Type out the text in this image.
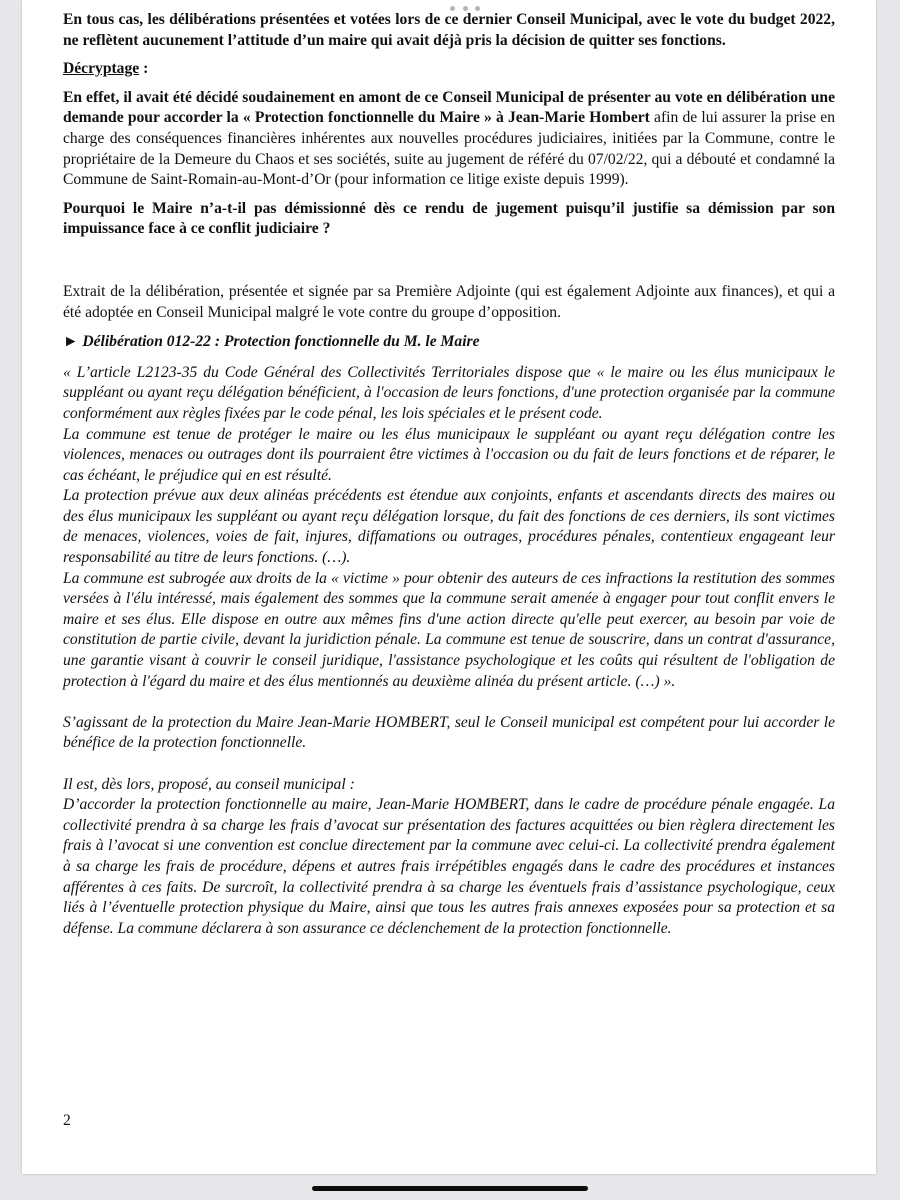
En tous cas, les délibérations présentées et votées lors de ce dernier Conseil Municipal, avec le vote du budget 2022, ne reflètent aucunement l’attitude d’un maire qui avait déjà pris la décision de quitter ses fonctions.

Décryptage :

En effet, il avait été décidé soudainement en amont de ce Conseil Municipal de présenter au vote en délibération une demande pour accorder la « Protection fonctionnelle du Maire » à Jean-Marie Hombert afin de lui assurer la prise en charge des conséquences financières inhérentes aux nouvelles procédures judiciaires, initiées par la Commune, contre le propriétaire de la Demeure du Chaos et ses sociétés, suite au jugement de référé du 07/02/22, qui a débouté et condamné la Commune de Saint-Romain-au-Mont-d’Or (pour information ce litige existe depuis 1999).

Pourquoi le Maire n’a-t-il pas démissionné dès ce rendu de jugement puisqu’il justifie sa démission par son impuissance face à ce conflit judiciaire ?

Extrait de la délibération, présentée et signée par sa Première Adjointe (qui est également Adjointe aux finances), et qui a été adoptée en Conseil Municipal malgré le vote contre du groupe d’opposition.

► Délibération 012-22 : Protection fonctionnelle du M. le Maire

« L’article L2123-35 du Code Général des Collectivités Territoriales dispose que « le maire ou les élus municipaux le suppléant ou ayant reçu délégation bénéficient, à l'occasion de leurs fonctions, d'une protection organisée par la commune conformément aux règles fixées par le code pénal, les lois spéciales et le présent code.

La commune est tenue de protéger le maire ou les élus municipaux le suppléant ou ayant reçu délégation contre les violences, menaces ou outrages dont ils pourraient être victimes à l'occasion ou du fait de leurs fonctions et de réparer, le cas échéant, le préjudice qui en est résulté.

La protection prévue aux deux alinéas précédents est étendue aux conjoints, enfants et ascendants directs des maires ou des élus municipaux les suppléant ou ayant reçu délégation lorsque, du fait des fonctions de ces derniers, ils sont victimes de menaces, violences, voies de fait, injures, diffamations ou outrages, procédures pénales, contentieux engageant leur responsabilité au titre de leurs fonctions. (…).

La commune est subrogée aux droits de la « victime » pour obtenir des auteurs de ces infractions la restitution des sommes versées à l'élu intéressé, mais également des sommes que la commune serait amenée à engager pour tout conflit envers le maire et ses élus. Elle dispose en outre aux mêmes fins d'une action directe qu'elle peut exercer, au besoin par voie de constitution de partie civile, devant la juridiction pénale. La commune est tenue de souscrire, dans un contrat d'assurance, une garantie visant à couvrir le conseil juridique, l'assistance psychologique et les coûts qui résultent de l'obligation de protection à l'égard du maire et des élus mentionnés au deuxième alinéa du présent article. (…) ».

S’agissant de la protection du Maire Jean-Marie HOMBERT, seul le Conseil municipal est compétent pour lui accorder le bénéfice de la protection fonctionnelle.

Il est, dès lors, proposé, au conseil municipal :

D’accorder la protection fonctionnelle au maire, Jean-Marie HOMBERT, dans le cadre de procédure pénale engagée. La collectivité prendra à sa charge les frais d’avocat sur présentation des factures acquittées ou bien règlera directement les frais à l’avocat si une convention est conclue directement par la commune avec celui-ci. La collectivité prendra également à sa charge les frais de procédure, dépens et autres frais irrépétibles engagés dans le cadre des procédures et instances afférentes à ces faits. De surcroît, la collectivité prendra à sa charge les éventuels frais d’assistance psychologique, ceux liés à l’éventuelle protection physique du Maire, ainsi que tous les autres frais annexes exposées pour sa protection et sa défense. La commune déclarera à son assurance ce déclenchement de la protection fonctionnelle.

2
